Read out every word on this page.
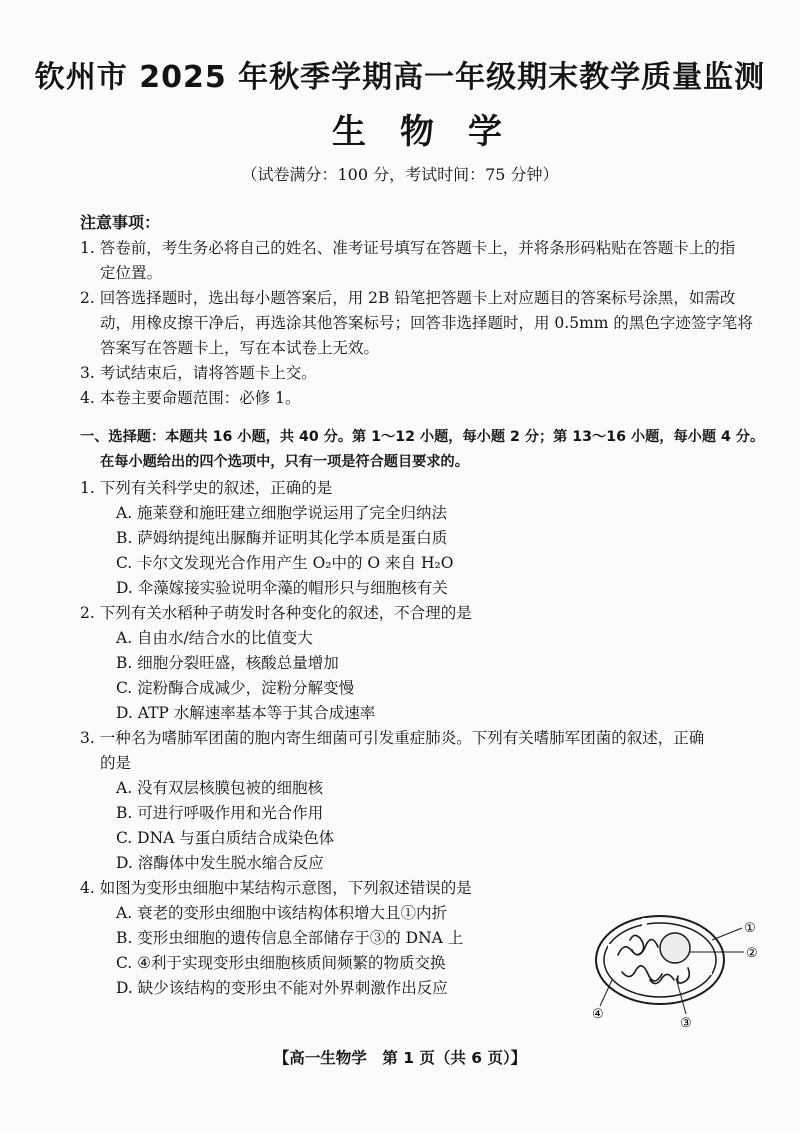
钦州市 2025 年秋季学期高一年级期末教学质量监测
生物学

（试卷满分：100 分，考试时间：75 分钟）

注意事项：
1. 答卷前，考生务必将自己的姓名、准考证号填写在答题卡上，并将条形码粘贴在答题卡上的指
定位置。
2. 回答选择题时，选出每小题答案后，用 2B 铅笔把答题卡上对应题目的答案标号涂黑，如需改
动，用橡皮擦干净后，再选涂其他答案标号；回答非选择题时，用 0.5mm 的黑色字迹签字笔将
答案写在答题卡上，写在本试卷上无效。
3. 考试结束后，请将答题卡上交。
4. 本卷主要命题范围：必修 1。
一、选择题：本题共 16 小题，共 40 分。第 1～12 小题，每小题 2 分；第 13～16 小题，每小题 4 分。
在每小题给出的四个选项中，只有一项是符合题目要求的。
1. 下列有关科学史的叙述，正确的是
A. 施莱登和施旺建立细胞学说运用了完全归纳法
B. 萨姆纳提纯出脲酶并证明其化学本质是蛋白质
C. 卡尔文发现光合作用产生 O₂中的 O 来自 H₂O
D. 伞藻嫁接实验说明伞藻的帽形只与细胞核有关
2. 下列有关水稻种子萌发时各种变化的叙述，不合理的是
A. 自由水/结合水的比值变大
B. 细胞分裂旺盛，核酸总量增加
C. 淀粉酶合成减少，淀粉分解变慢
D. ATP 水解速率基本等于其合成速率
3. 一种名为嗜肺军团菌的胞内寄生细菌可引发重症肺炎。下列有关嗜肺军团菌的叙述，正确
的是
A. 没有双层核膜包被的细胞核
B. 可进行呼吸作用和光合作用
C. DNA 与蛋白质结合成染色体
D. 溶酶体中发生脱水缩合反应
4. 如图为变形虫细胞中某结构示意图，下列叙述错误的是
A. 衰老的变形虫细胞中该结构体积增大且①内折
B. 变形虫细胞的遗传信息全部储存于③的 DNA 上
C. ④利于实现变形虫细胞核质间频繁的物质交换
D. 缺少该结构的变形虫不能对外界刺激作出反应
①
②
③
④

【高一生物学　第 1 页（共 6 页）】
